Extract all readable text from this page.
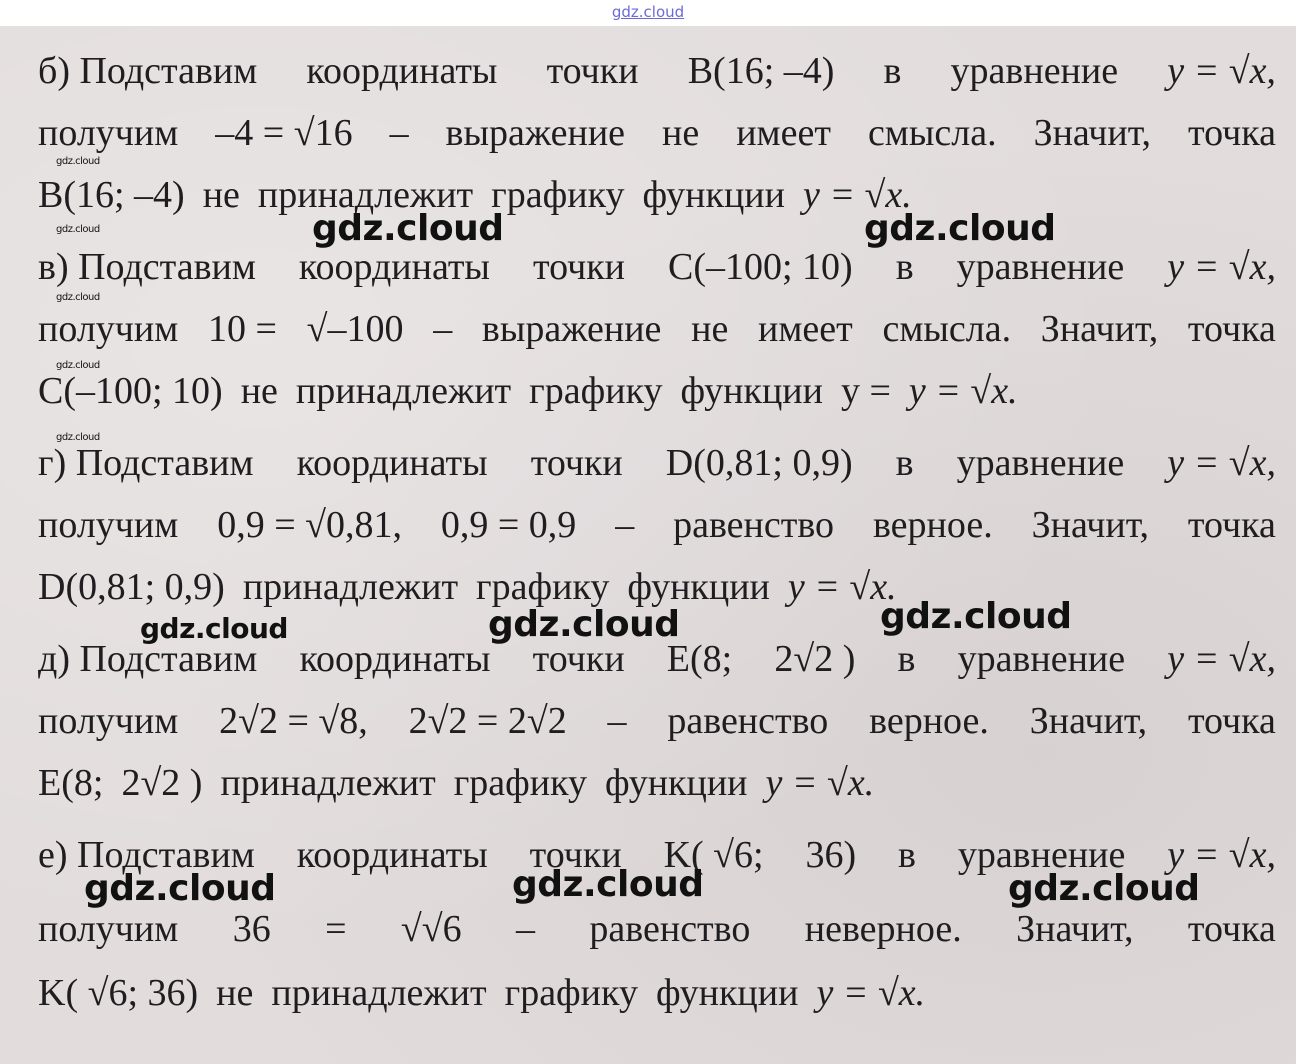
gdz.cloud
б) Подставим координаты точки B(16; –4) в уравнение y = √x,
получим –4 = √16 – выражение не имеет смысла. Значит, точка
B(16; –4) не принадлежит графику функции y = √x.
в) Подставим координаты точки C(–100; 10) в уравнение y = √x,
получим 10 = √–100 – выражение не имеет смысла. Значит, точка
C(–100; 10) не принадлежит графику функции у = y = √x.
г) Подставим координаты точки D(0,81; 0,9) в уравнение y = √x,
получим 0,9 = √0,81, 0,9 = 0,9 – равенство верное. Значит, точка
D(0,81; 0,9) принадлежит графику функции y = √x.
д) Подставим координаты точки E(8; 2√2 ) в уравнение y = √x,
получим 2√2 = √8, 2√2 = 2√2 – равенство верное. Значит, точка
E(8; 2√2 ) принадлежит графику функции y = √x.
е) Подставим координаты точки K( √6; 36) в уравнение y = √x,
получим 36 = √√6 – равенство неверное. Значит, точка
K( √6; 36) не принадлежит графику функции y = √x.
gdz.cloud
gdz.cloud
gdz.cloud
gdz.cloud
gdz.cloud
gdz.cloud	gdz.cloud
gdz.cloud	gdz.cloud	gdz.cloud
gdz.cloud	gdz.cloud	gdz.cloud
